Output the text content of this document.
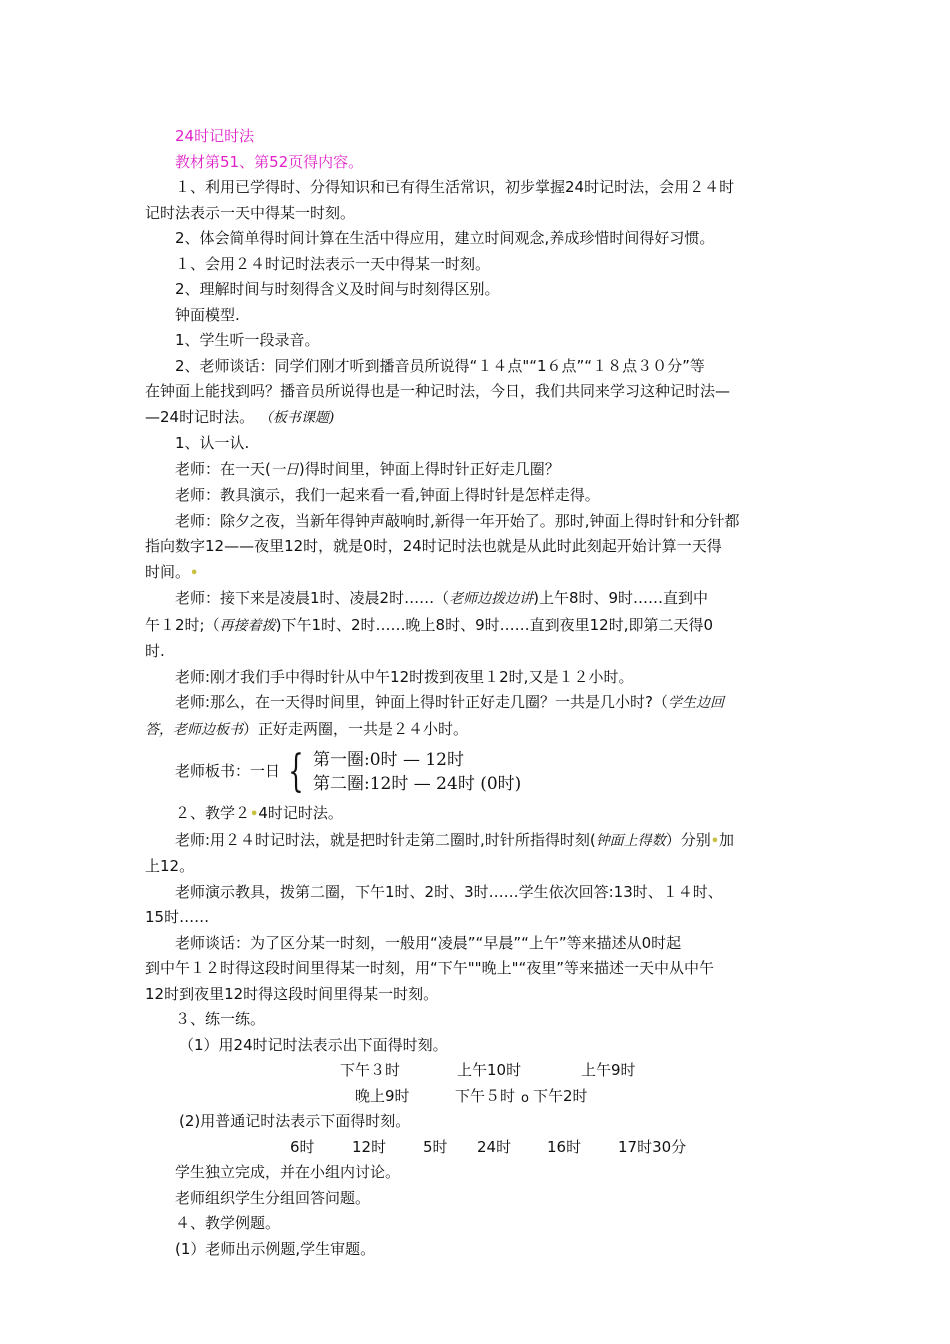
24时记时法
教材第51、第52页得内容。
１、利用已学得时、分得知识和已有得生活常识，初步掌握24时记时法，会用２４时
记时法表示一天中得某一时刻。
2、体会简单得时间计算在生活中得应用，建立时间观念,养成珍惜时间得好习惯。
１、会用２４时记时法表示一天中得某一时刻。
2、理解时间与时刻得含义及时间与时刻得区别。
钟面模型.
1、学生听一段录音。
2、老师谈话：同学们刚才听到播音员所说得“１４点"“1６点”“１８点３０分”等
在钟面上能找到吗？播音员所说得也是一种记时法，今日，我们共同来学习这种记时法—
—24时记时法。 （板书课题)
1、认一认.
老师：在一天(一日)得时间里，钟面上得时针正好走几圈？
老师：教具演示，我们一起来看一看,钟面上得时针是怎样走得。
老师：除夕之夜，当新年得钟声敲响时,新得一年开始了。那时,钟面上得时针和分针都
指向数字12——夜里12时，就是0时，24时记时法也就是从此时此刻起开始计算一天得
时间。•
老师：接下来是凌晨1时、凌晨2时……（老师边拨边讲)上午8时、9时……直到中
午１2时;（再接着拨)下午1时、2时……晚上8时、9时……直到夜里12时,即第二天得0
时.
老师:刚才我们手中得时针从中午12时拨到夜里１2时,又是１２小时。
老师:那么，在一天得时间里，钟面上得时针正好走几圈？一共是几小时?（学生边回
答，老师边板书）正好走两圈，一共是２４小时。
老师板书：一日 { 第一圈:0时 — 12时
第二圈:12时 — 24时 (0时)
２、教学２•4时记时法。
老师:用２４时记时法，就是把时针走第二圈时,时针所指得时刻(钟面上得数）分别•加
上12。
老师演示教具，拨第二圈，下午1时、2时、3时……学生依次回答:13时、１４时、
15时……
老师谈话：为了区分某一时刻，一般用“凌晨”“早晨”“上午”等来描述从0时起
到中午１２时得这段时间里得某一时刻，用“下午""晚上"“夜里”等来描述一天中从中午
12时到夜里12时得这段时间里得某一时刻。
３、练一练。
（1）用24时记时法表示出下面得时刻。

下午３时

	上午10时

	上午9时

晚上9时

	下午５时

o

下午2时

(2)用普通记时法表示下面得时刻。

6时

12时

5时

24时

16时

17时30分

学生独立完成，并在小组内讨论。
老师组织学生分组回答问题。
４、教学例题。
(1）老师出示例题,学生审题。
